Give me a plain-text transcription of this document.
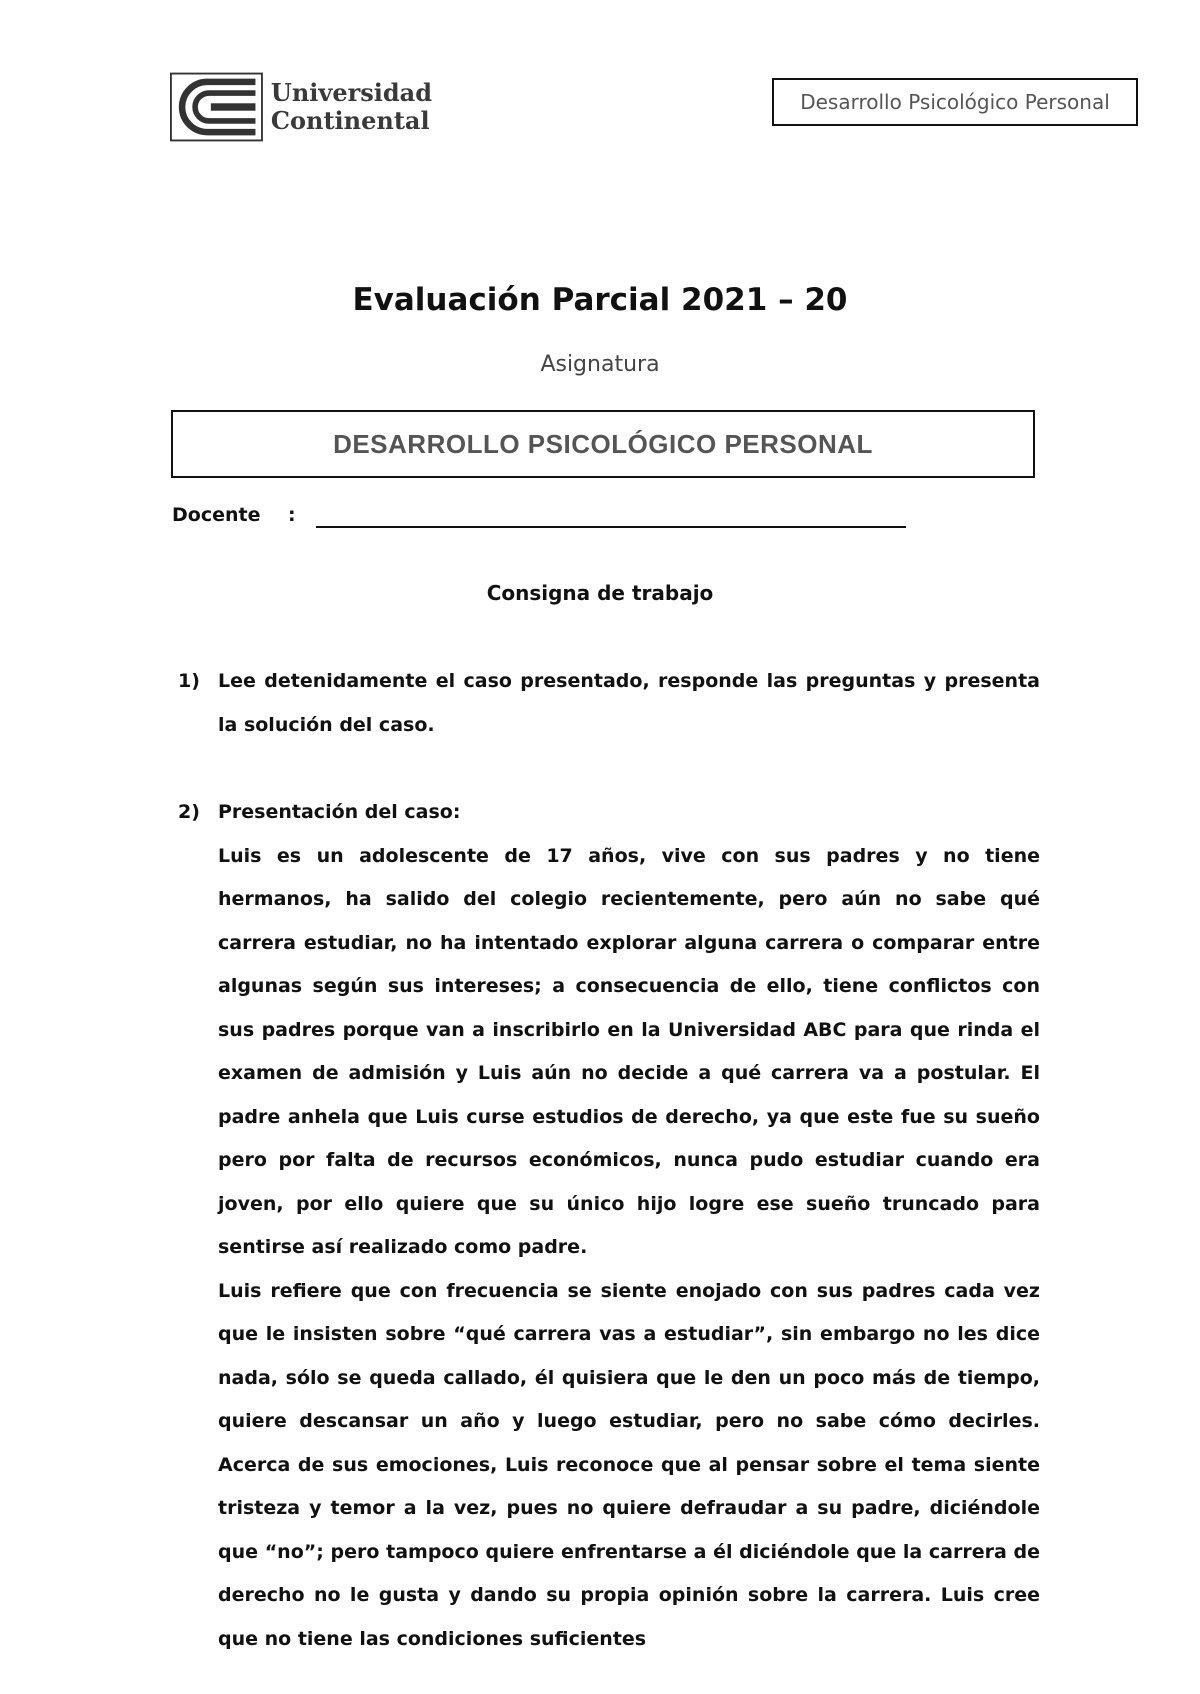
Universidad
Continental
Desarrollo Psicológico Personal
Evaluación Parcial 2021 – 20
Asignatura
DESARROLLO PSICOLÓGICO PERSONAL
Docente :
Consigna de trabajo
1) Lee detenidamente el caso presentado, responde las preguntas y presenta la solución del caso.

2) Presentación del caso:

Luis es un adolescente de 17 años, vive con sus padres y no tiene hermanos, ha salido del colegio recientemente, pero aún no sabe qué carrera estudiar, no ha intentado explorar alguna carrera o comparar entre algunas según sus intereses; a consecuencia de ello, tiene conflictos con sus padres porque van a inscribirlo en la Universidad ABC para que rinda el examen de admisión y Luis aún no decide a qué carrera va a postular. El padre anhela que Luis curse estudios de derecho, ya que este fue su sueño pero por falta de recursos económicos, nunca pudo estudiar cuando era joven, por ello quiere que su único hijo logre ese sueño truncado para sentirse así realizado como padre.

Luis refiere que con frecuencia se siente enojado con sus padres cada vez que le insisten sobre “qué carrera vas a estudiar”, sin embargo no les dice nada, sólo se queda callado, él quisiera que le den un poco más de tiempo, quiere descansar un año y luego estudiar, pero no sabe cómo decirles. Acerca de sus emociones, Luis reconoce que al pensar sobre el tema siente tristeza y temor a la vez, pues no quiere defraudar a su padre, diciéndole que “no”; pero tampoco quiere enfrentarse a él diciéndole que la carrera de derecho no le gusta y dando su propia opinión sobre la carrera. Luis cree que no tiene las condiciones suficientes
